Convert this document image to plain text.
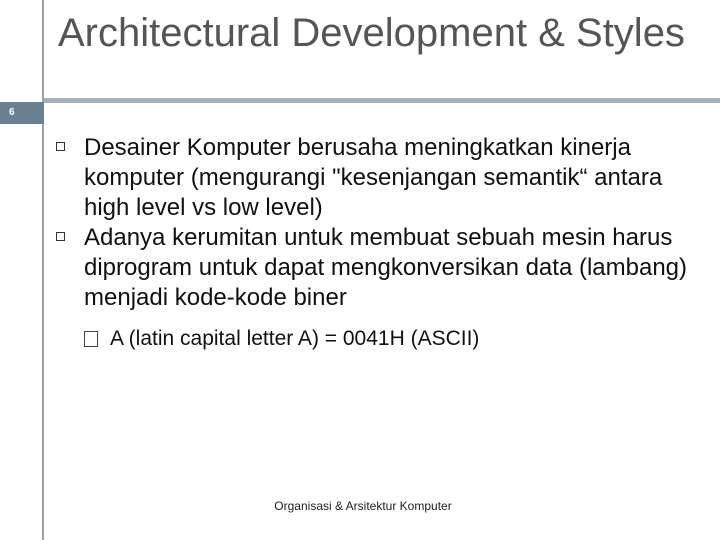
6
Architectural Development & Styles

Desainer Komputer berusaha meningkatkan kinerja komputer (mengurangi "kesenjangan semantik“ antara high level vs low level)

Adanya kerumitan untuk membuat sebuah mesin harus diprogram untuk dapat mengkonversikan data (lambang) menjadi kode-kode biner

A (latin capital letter A) = 0041H (ASCII)
Organisasi & Arsitektur Komputer
